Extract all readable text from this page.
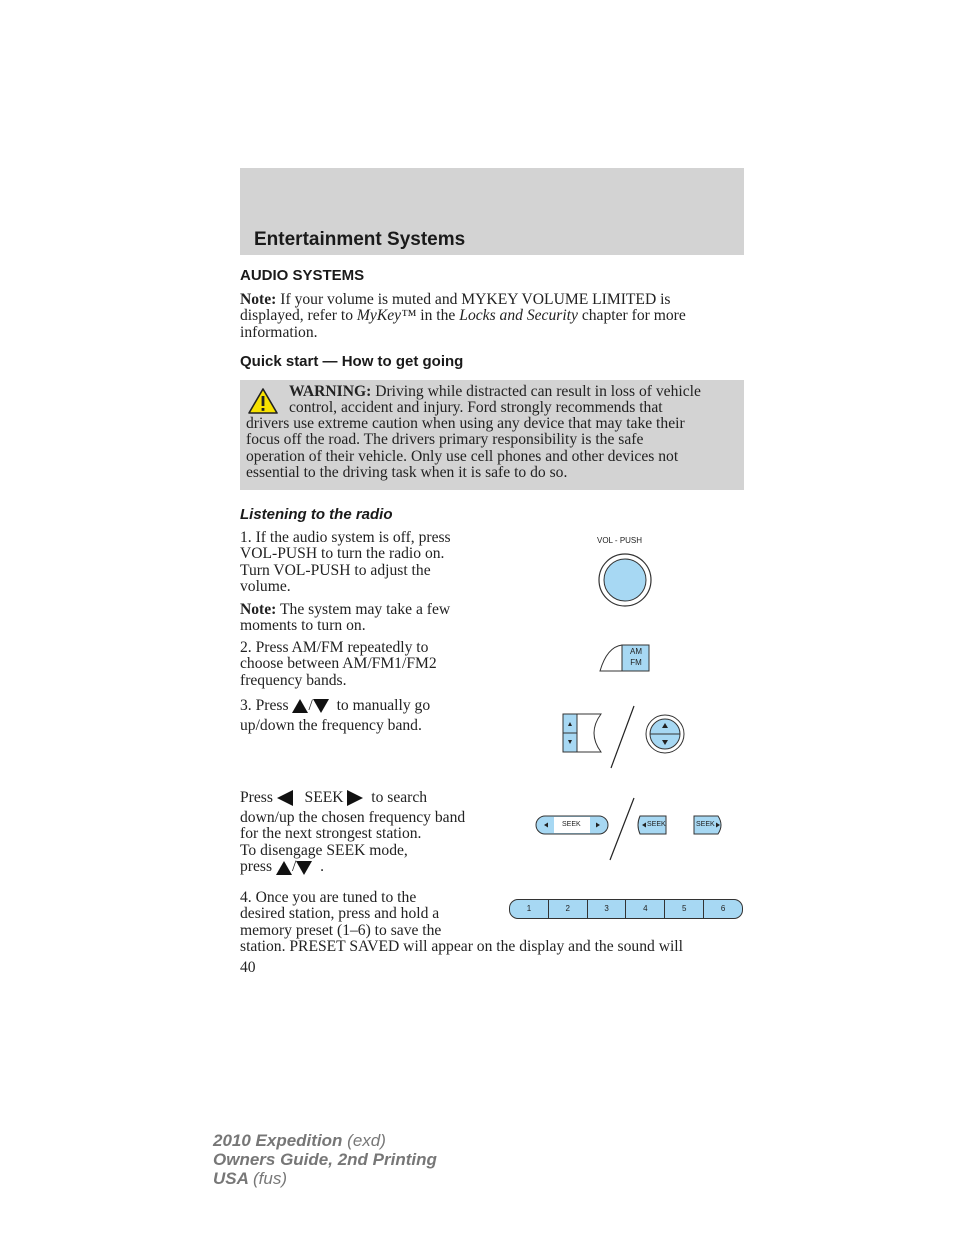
Entertainment Systems
AUDIO SYSTEMS
Note: If your volume is muted and MYKEY VOLUME LIMITED is
displayed, refer to MyKey™ in the Locks and Security chapter for more
information.
Quick start — How to get going
WARNING: Driving while distracted can result in loss of vehicle
control, accident and injury. Ford strongly recommends that
drivers use extreme caution when using any device that may take their
focus off the road. The drivers primary responsibility is the safe
operation of their vehicle. Only use cell phones and other devices not
essential to the driving task when it is safe to do so.
Listening to the radio
1. If the audio system is off, press
VOL-PUSH to turn the radio on.
Turn VOL-PUSH to adjust the
volume.
Note: The system may take a few
moments to turn on.
2. Press AM/FM repeatedly to
choose between AM/FM1/FM2
frequency bands.
3. Press / to manually go
up/down the frequency band.
Press SEEK to search
down/up the chosen frequency band
for the next strongest station.
To disengage SEEK mode,
press / .
4. Once you are tuned to the
desired station, press and hold a
memory preset (1–6) to save the
station. PRESET SAVED will appear on the display and the sound will
40
VOL - PUSH
AM
FM
SEEK	SEEK	SEEK
1	2	3	4	5	6
2010 Expedition (exd)
Owners Guide, 2nd Printing
USA (fus)
